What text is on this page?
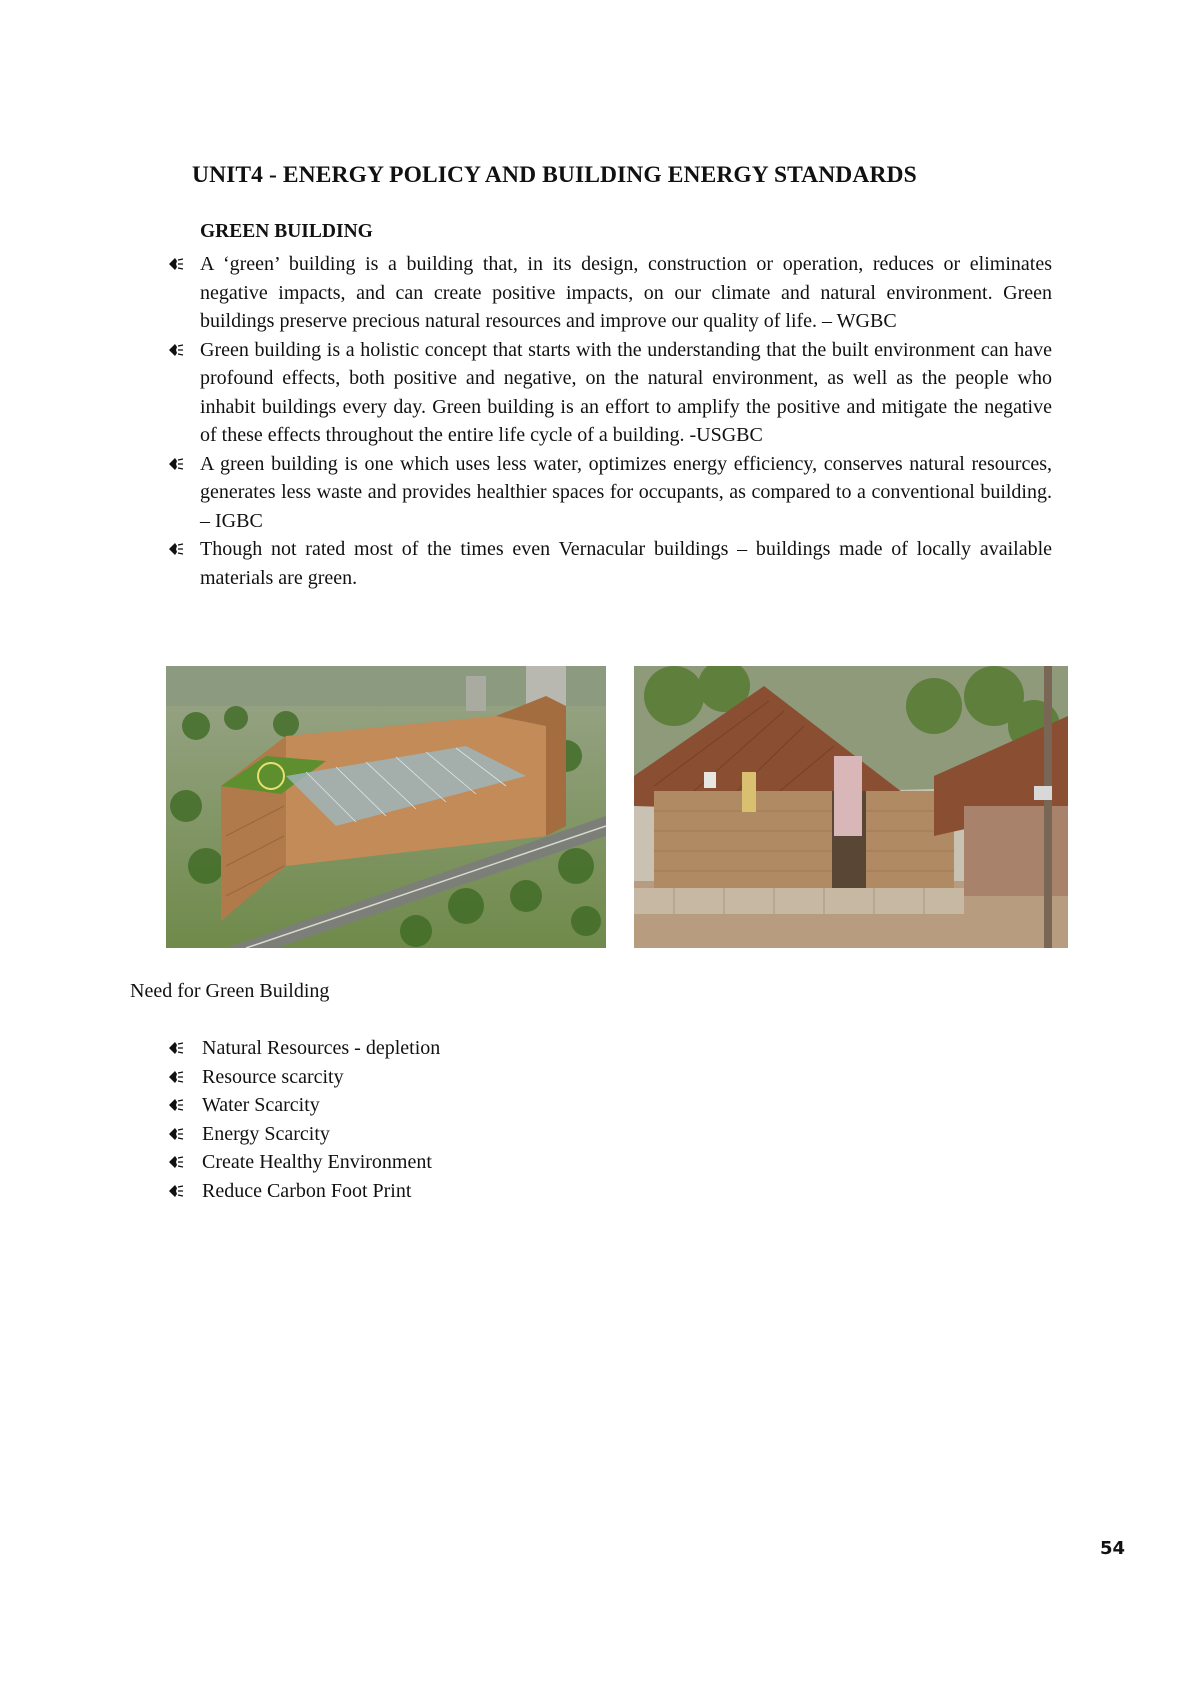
UNIT4 - ENERGY POLICY AND BUILDING ENERGY STANDARDS
GREEN BUILDING
A ‘green’ building is a building that, in its design, construction or operation, reduces or eliminates negative impacts, and can create positive impacts, on our climate and natural environment. Green buildings preserve precious natural resources and improve our quality of life. – WGBC
Green building is a holistic concept that starts with the understanding that the built environment can have profound effects, both positive and negative, on the natural environment, as well as the people who inhabit buildings every day. Green building is an effort to amplify the positive and mitigate the negative of these effects throughout the entire life cycle of a building. -USGBC
A green building is one which uses less water, optimizes energy efficiency, conserves natural resources, generates less waste and provides healthier spaces for occupants, as compared to a conventional building. – IGBC
Though not rated most of the times even Vernacular buildings – buildings made of locally available materials are green.
Need for Green Building
Natural Resources - depletion
Resource scarcity
Water Scarcity
Energy Scarcity
Create Healthy Environment
Reduce Carbon Foot Print
54
